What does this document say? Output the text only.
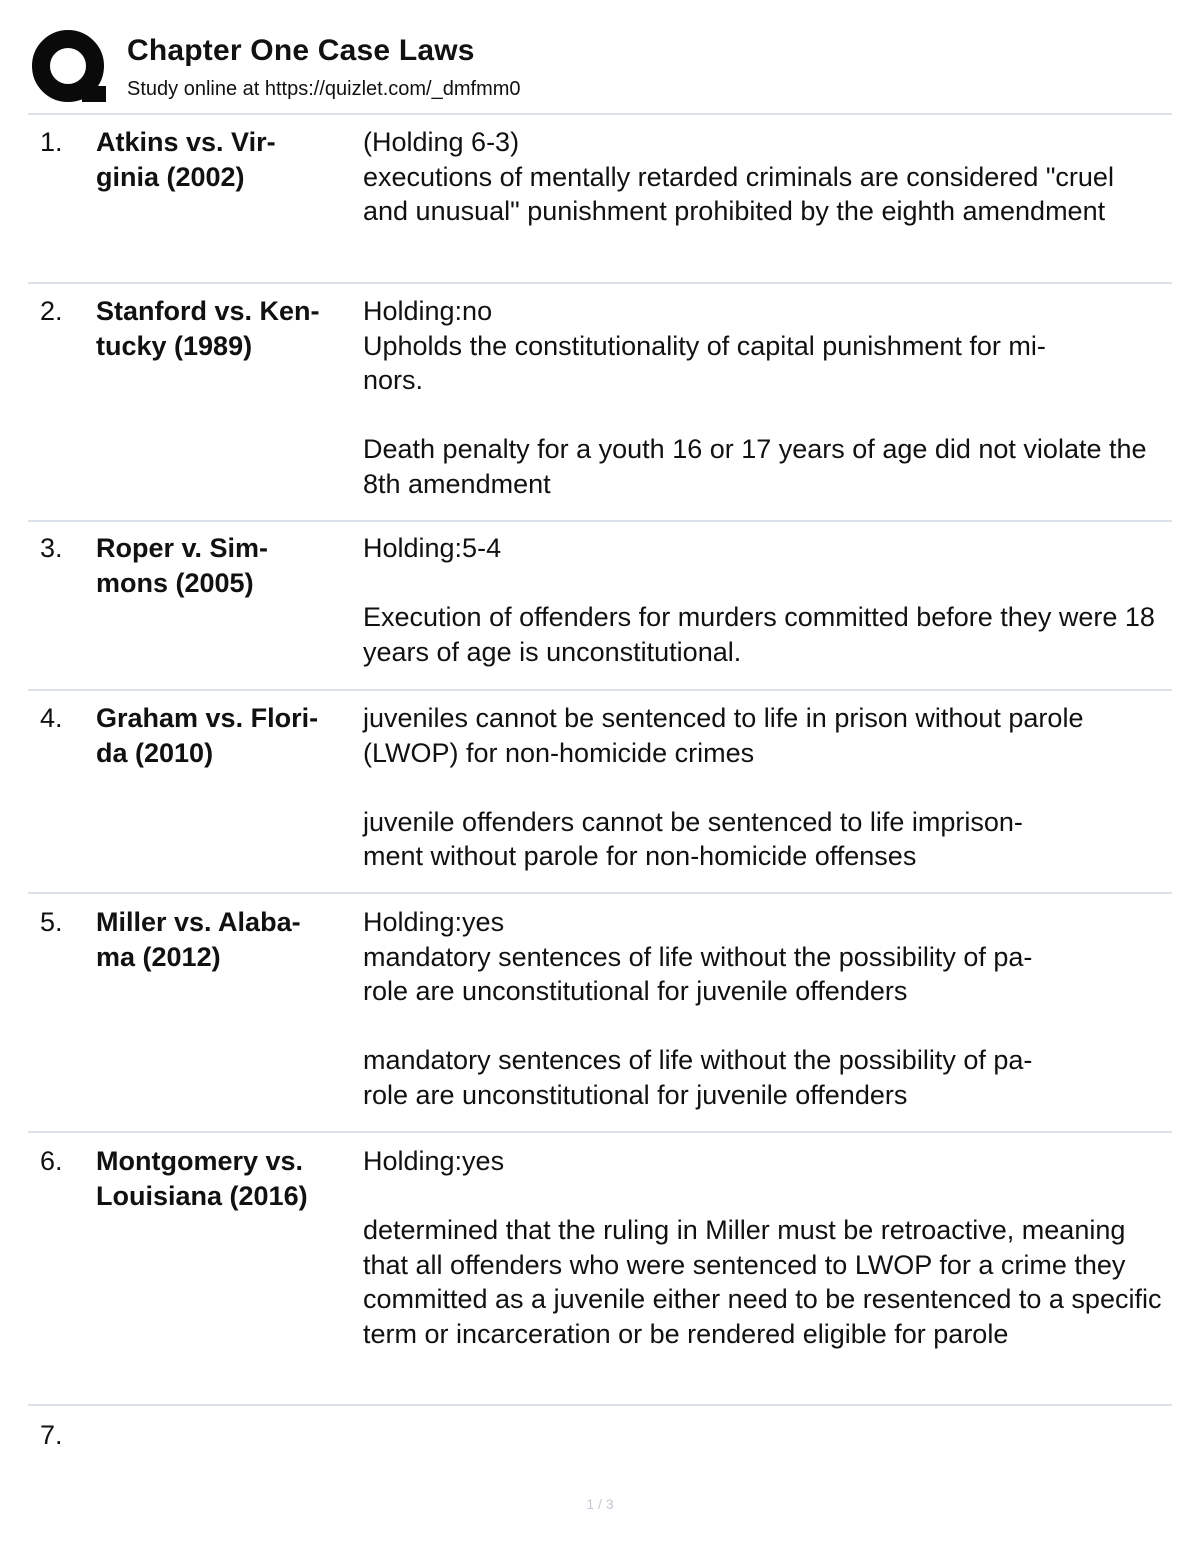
Chapter One Case Laws
Study online at https://quizlet.com/_dmfmm0
1. Atkins vs. Vir-
ginia (2002)
(Holding 6-3)
executions of mentally retarded criminals are considered "cruel and unusual" punishment prohibited by the eighth amendment
2. Stanford vs. Ken-
tucky (1989)
Holding:no
Upholds the constitutionality of capital punishment for mi-
nors.

Death penalty for a youth 16 or 17 years of age did not violate the 8th amendment
3. Roper v. Sim-
mons (2005)
Holding:5-4

Execution of offenders for murders committed before they were 18 years of age is unconstitutional.
4. Graham vs. Flori-
da (2010)
juveniles cannot be sentenced to life in prison without parole (LWOP) for non-homicide crimes

juvenile offenders cannot be sentenced to life imprison-
ment without parole for non-homicide offenses
5. Miller vs. Alaba-
ma (2012)
Holding:yes
mandatory sentences of life without the possibility of pa-
role are unconstitutional for juvenile offenders

mandatory sentences of life without the possibility of pa-
role are unconstitutional for juvenile offenders
6. Montgomery vs.
Louisiana (2016)
Holding:yes

determined that the ruling in Miller must be retroactive, meaning that all offenders who were sentenced to LWOP for a crime they committed as a juvenile either need to be resentenced to a specific term or incarceration or be rendered eligible for parole
7.
1 / 3
